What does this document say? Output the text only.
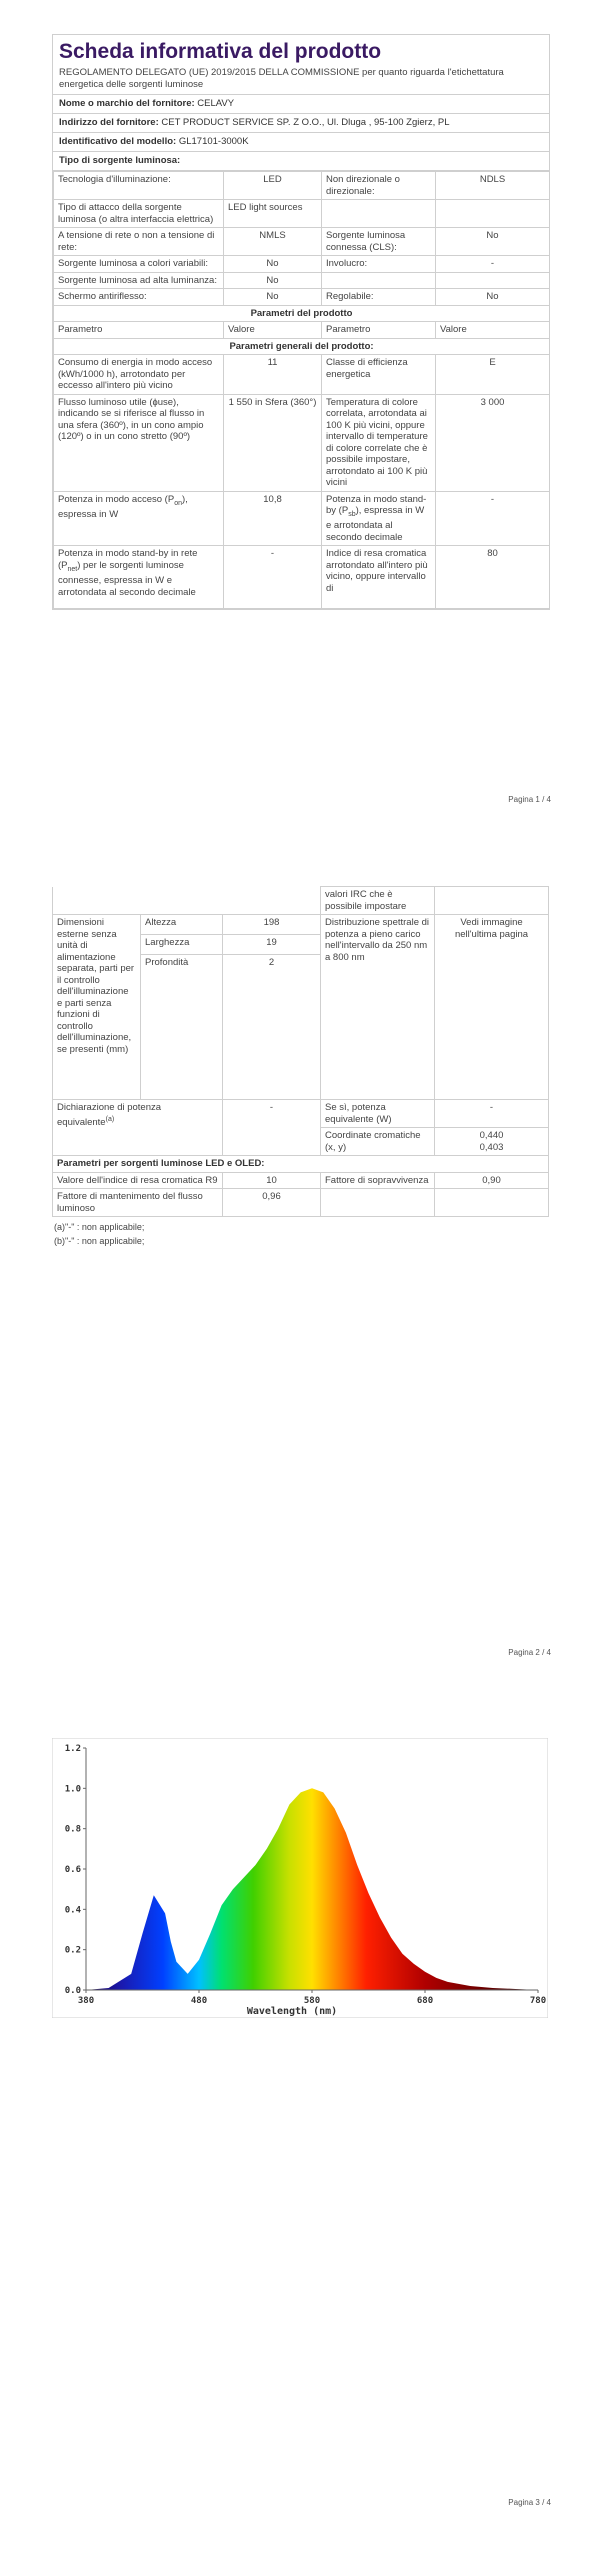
Scheda informativa del prodotto
REGOLAMENTO DELEGATO (UE) 2019/2015 DELLA COMMISSIONE per quanto riguarda l'etichettatura energetica delle sorgenti luminose
Nome o marchio del fornitore: CELAVY
Indirizzo del fornitore: CET PRODUCT SERVICE SP. Z O.O., Ul. Dluga , 95-100 Zgierz, PL
Identificativo del modello: GL17101-3000K
Tipo di sorgente luminosa:
Tecnologia d'illuminazione:	LED	Non direzionale o direzionale:	NDLS
Tipo di attacco della sorgente luminosa (o altra interfaccia elettrica)	LED light sources		
A tensione di rete o non a tensione di rete:	NMLS	Sorgente luminosa connessa (CLS):	No
Sorgente luminosa a colori variabili:	No	Involucro:	-
Sorgente luminosa ad alta luminanza:	No		
Schermo antiriflesso:	No	Regolabile:	No
Parametri del prodotto			
Parametro	Valore	Parametro	Valore
Parametri generali del prodotto:			
Consumo di energia in modo acceso (kWh/1000 h), arrotondato per eccesso all'intero più vicino	11	Classe di efficienza energetica	E
Flusso luminoso utile (ɸuse), indicando se si riferisce al flusso in una sfera (360º), in un cono ampio (120º) o in un cono stretto (90º)	1 550 in Sfera (360°)	Temperatura di colore correlata, arrotondata ai 100 K più vicini, oppure intervallo di temperature di colore correlate che è possibile impostare, arrotondato ai 100 K più vicini	3 000
Potenza in modo acceso $(P_{on})$, espressa in W	10,8	Potenza in modo stand-by $(P_{sb})$, espressa in W e arrotondata al secondo decimale	-
Potenza in modo stand-by in rete $(P_{net})$ per le sorgenti luminose connesse, espressa in W e arrotondata al secondo decimale	-	Indice di resa cromatica arrotondato all'intero più vicino, oppure intervallo di	80
Pagina 1 / 4
			valori IRC che è possibile impostare	
Dimensioni esterne senza unità di alimentazione separata, parti per il controllo dell'illuminazione e parti senza funzioni di controllo dell'illuminazione, se presenti (mm)	Altezza	198	Distribuzione spettrale di potenza a pieno carico nell'intervallo da 250 nm a 800 nm	Vedi immagine nell'ultima pagina
	Larghezza	19		
	Profondità	2		
Dichiarazione di potenza equivalente$^{(a)}$		-	Se sì, potenza equivalente (W)	-
			Coordinate cromatiche (x, y)	0,440
0,403

Parametri per sorgenti luminose LED e OLED:				
Valore dell'indice di resa cromatica R9		10	Fattore di sopravvivenza	0,90
Fattore di mantenimento del flusso luminoso		0,96		
(a)"-" : non applicabile;
(b)"-" : non applicabile;
Pagina 2 / 4
0.0
0.2
0.4
0.6
0.8
1.0
1.2
380	480	580	680	780
Wavelength (nm)
Pagina 3 / 4
